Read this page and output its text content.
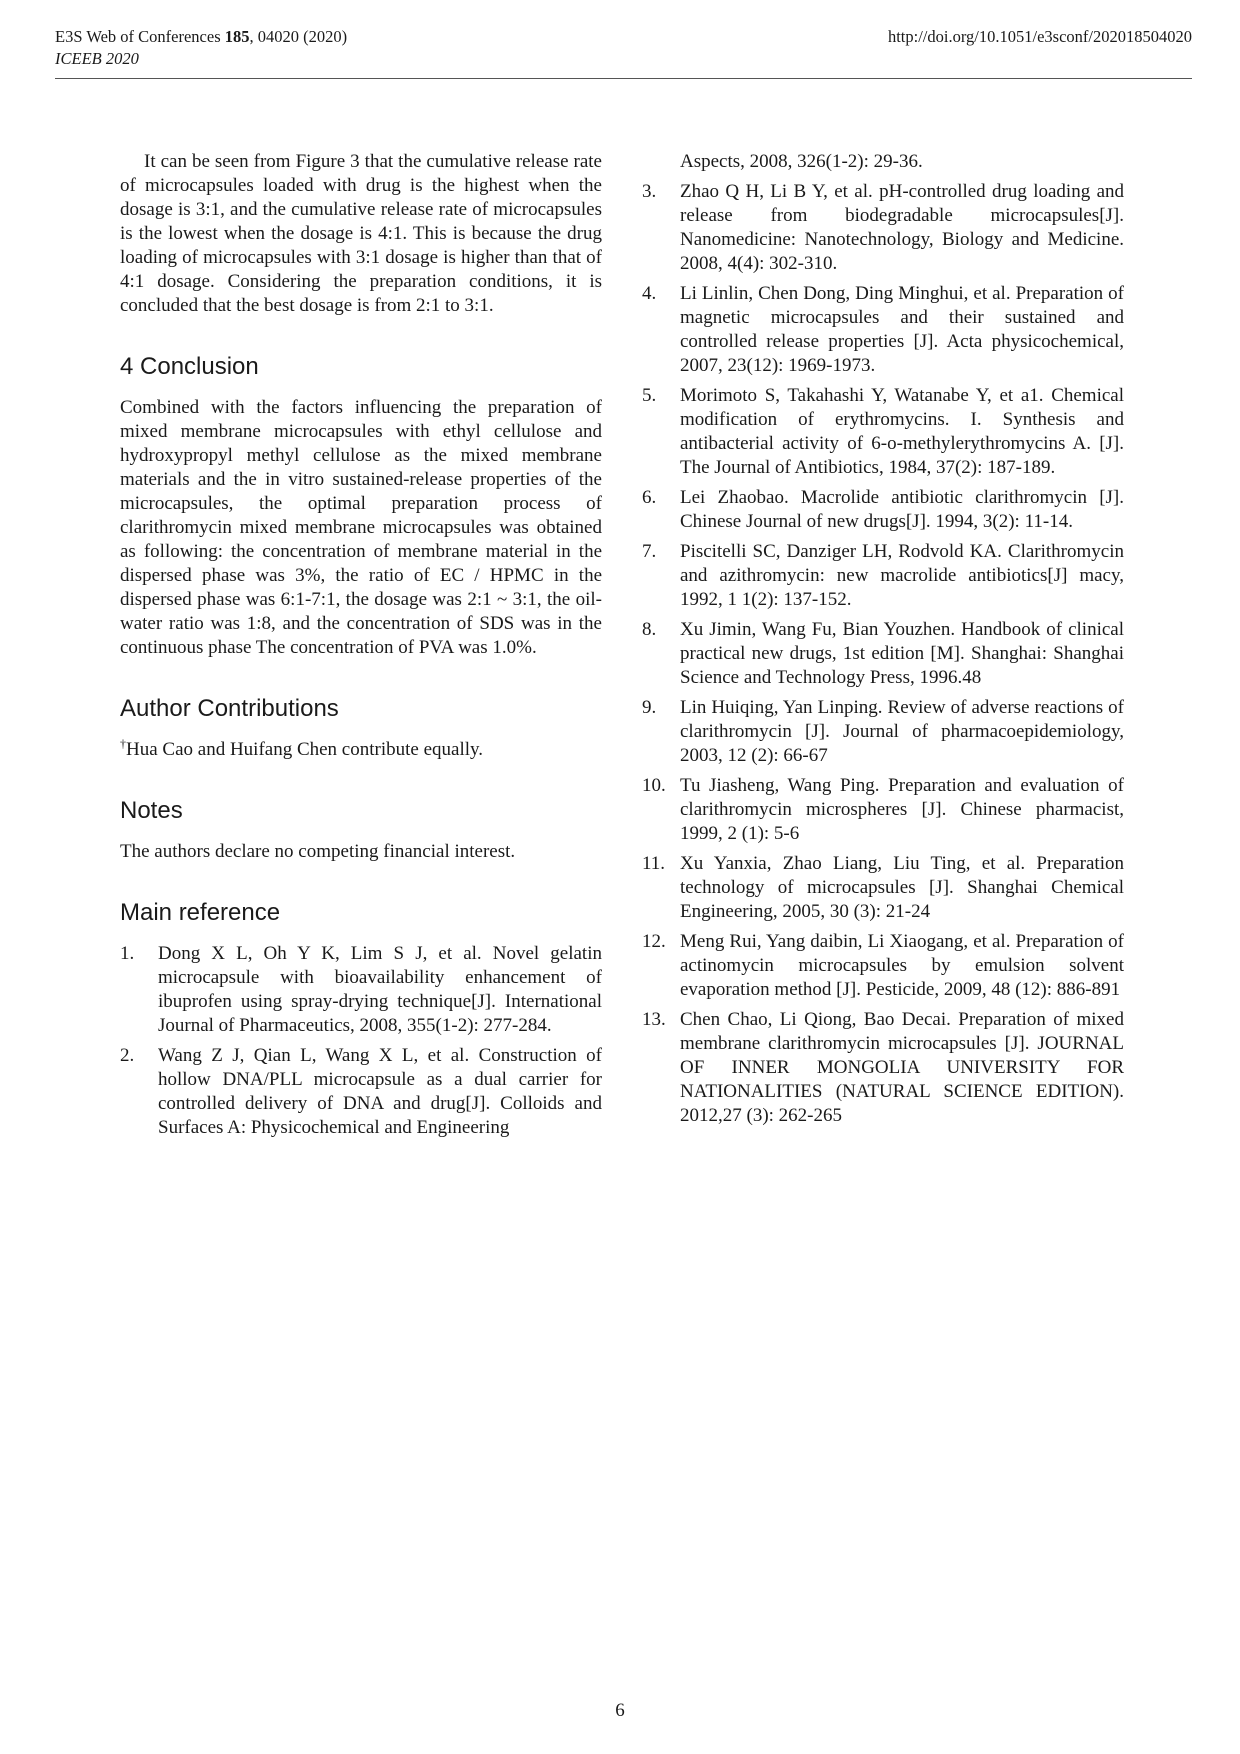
E3S Web of Conferences 185, 04020 (2020)
ICEEB 2020
http://doi.org/10.1051/e3sconf/202018504020

It can be seen from Figure 3 that the cumulative release rate of microcapsules loaded with drug is the highest when the dosage is 3:1, and the cumulative release rate of microcapsules is the lowest when the dosage is 4:1. This is because the drug loading of microcapsules with 3:1 dosage is higher than that of 4:1 dosage. Considering the preparation conditions, it is concluded that the best dosage is from 2:1 to 3:1.

4 Conclusion

Combined with the factors influencing the preparation of mixed membrane microcapsules with ethyl cellulose and hydroxypropyl methyl cellulose as the mixed membrane materials and the in vitro sustained-release properties of the microcapsules, the optimal preparation process of clarithromycin mixed membrane microcapsules was obtained as following: the concentration of membrane material in the dispersed phase was 3%, the ratio of EC / HPMC in the dispersed phase was 6:1-7:1, the dosage was 2:1 ~ 3:1, the oil-water ratio was 1:8, and the concentration of SDS was in the continuous phase The concentration of PVA was 1.0%.

Author Contributions

†Hua Cao and Huifang Chen contribute equally.

Notes

The authors declare no competing financial interest.

Main reference
1. Dong X L, Oh Y K, Lim S J, et al. Novel gelatin microcapsule with bioavailability enhancement of ibuprofen using spray-drying technique[J]. International Journal of Pharmaceutics, 2008, 355(1-2): 277-284.
2. Wang Z J, Qian L, Wang X L, et al. Construction of hollow DNA/PLL microcapsule as a dual carrier for controlled delivery of DNA and drug[J]. Colloids and Surfaces A: Physicochemical and Engineering
Aspects, 2008, 326(1-2): 29-36.
3. Zhao Q H, Li B Y, et al. pH-controlled drug loading and release from biodegradable microcapsules[J]. Nanomedicine: Nanotechnology, Biology and Medicine. 2008, 4(4): 302-310.
4. Li Linlin, Chen Dong, Ding Minghui, et al. Preparation of magnetic microcapsules and their sustained and controlled release properties [J]. Acta physicochemical, 2007, 23(12): 1969-1973.
5. Morimoto S, Takahashi Y, Watanabe Y, et a1. Chemical modification of erythromycins. I. Synthesis and antibacterial activity of 6-o-methylerythromycins A. [J]. The Journal of Antibiotics, 1984, 37(2): 187-189.
6. Lei Zhaobao. Macrolide antibiotic clarithromycin [J]. Chinese Journal of new drugs[J]. 1994, 3(2): 11-14.
7. Piscitelli SC, Danziger LH, Rodvold KA. Clarithromycin and azithromycin: new macrolide antibiotics[J] macy, 1992, 1 1(2): 137-152.
8. Xu Jimin, Wang Fu, Bian Youzhen. Handbook of clinical practical new drugs, 1st edition [M]. Shanghai: Shanghai Science and Technology Press, 1996.48
9. Lin Huiqing, Yan Linping. Review of adverse reactions of clarithromycin [J]. Journal of pharmacoepidemiology, 2003, 12 (2): 66-67
10. Tu Jiasheng, Wang Ping. Preparation and evaluation of clarithromycin microspheres [J]. Chinese pharmacist, 1999, 2 (1): 5-6
11. Xu Yanxia, Zhao Liang, Liu Ting, et al. Preparation technology of microcapsules [J]. Shanghai Chemical Engineering, 2005, 30 (3): 21-24
12. Meng Rui, Yang daibin, Li Xiaogang, et al. Preparation of actinomycin microcapsules by emulsion solvent evaporation method [J]. Pesticide, 2009, 48 (12): 886-891
13. Chen Chao, Li Qiong, Bao Decai. Preparation of mixed membrane clarithromycin microcapsules [J]. JOURNAL OF INNER MONGOLIA UNIVERSITY FOR NATIONALITIES (NATURAL SCIENCE EDITION). 2012,27 (3): 262-265
6
